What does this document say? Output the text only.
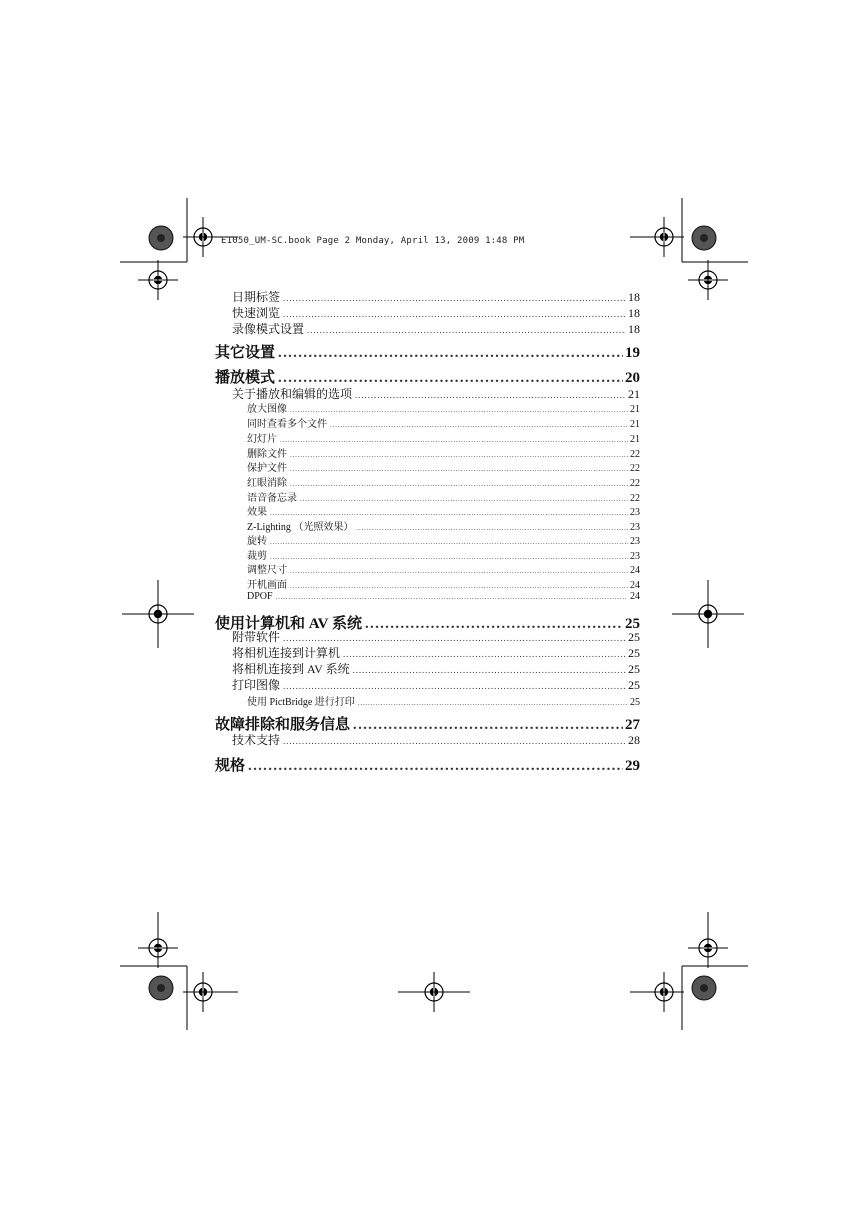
E1050_UM-SC.book Page 2 Monday, April 13, 2009 1:48 PM
日期标签 .....	18
快速浏览 .....	18
录像模式设置 .....	18
其它设置 .....	19
播放模式 .....	20
关于播放和编辑的选项 .....	21
放大图像 .....	21
同时查看多个文件 .....	21
幻灯片 .....	21
删除文件 .....	22
保护文件 .....	22
红眼消除 .....	22
语音备忘录 .....	22
效果 .....	23
Z-Lighting （光照效果） .....	23
旋转 .....	23
裁剪 .....	23
调整尺寸 .....	24
开机画面 .....	24
DPOF .....	24
使用计算机和 AV 系统 .....	25
附带软件 .....	25
将相机连接到计算机 .....	25
将相机连接到 AV 系统 .....	25
打印图像 .....	25
使用 PictBridge 进行打印 .....	25
故障排除和服务信息 .....	27
技术支持 .....	28
规格 .....	29
